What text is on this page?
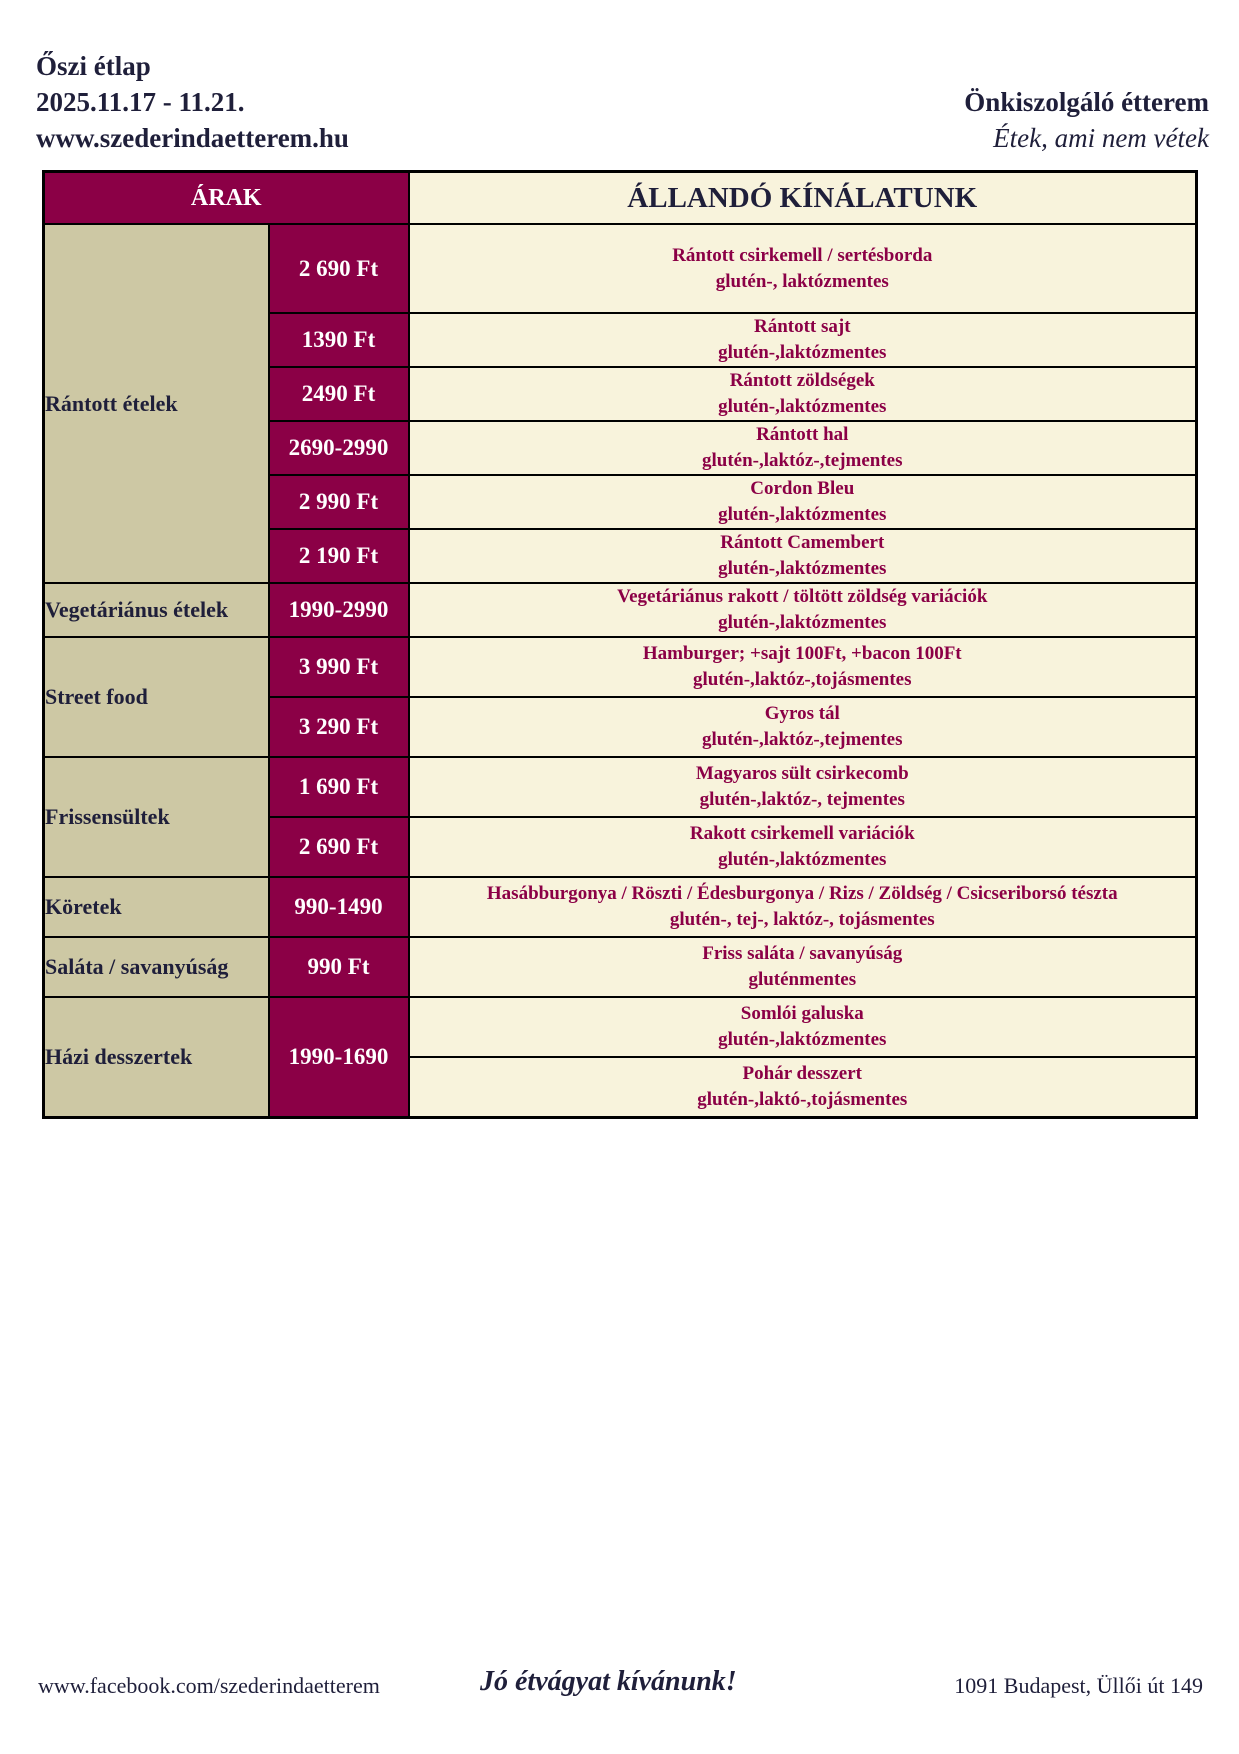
Őszi étlap
2025.11.17 - 11.21.
www.szederindaetterem.hu
Önkiszolgáló étterem
Étek, ami nem vétek
ÁRAK		ÁLLANDÓ KÍNÁLATUNK
Rántott ételek	2 690 Ft	Rántott csirkemell / sertésborda
glutén-, laktózmentes

	1390 Ft	Rántott sajt
glutén-,laktózmentes

	2490 Ft	Rántott zöldségek
glutén-,laktózmentes

	2690-2990	Rántott hal
glutén-,laktóz-,tejmentes

	2 990 Ft	Cordon Bleu
glutén-,laktózmentes

	2 190 Ft	Rántott Camembert
glutén-,laktózmentes

Vegetáriánus ételek	1990-2990	Vegetáriánus rakott / töltött zöldség variációk
glutén-,laktózmentes

Street food	3 990 Ft	Hamburger; +sajt 100Ft, +bacon 100Ft
glutén-,laktóz-,tojásmentes

	3 290 Ft	Gyros tál
glutén-,laktóz-,tejmentes

Frissensültek	1 690 Ft	Magyaros sült csirkecomb
glutén-,laktóz-, tejmentes

	2 690 Ft	Rakott csirkemell variációk
glutén-,laktózmentes

Köretek	990-1490	Hasábburgonya / Röszti / Édesburgonya / Rizs / Zöldség / Csicseriborsó tészta
glutén-, tej-, laktóz-, tojásmentes

Saláta / savanyúság	990 Ft	Friss saláta / savanyúság
gluténmentes

Házi desszertek	1990-1690	Somlói galuska
glutén-,laktózmentes

		Pohár desszert
glutén-,laktó-,tojásmentes
www.facebook.com/szederindaetterem	Jó étvágyat kívánunk!	1091 Budapest, Üllői út 149
